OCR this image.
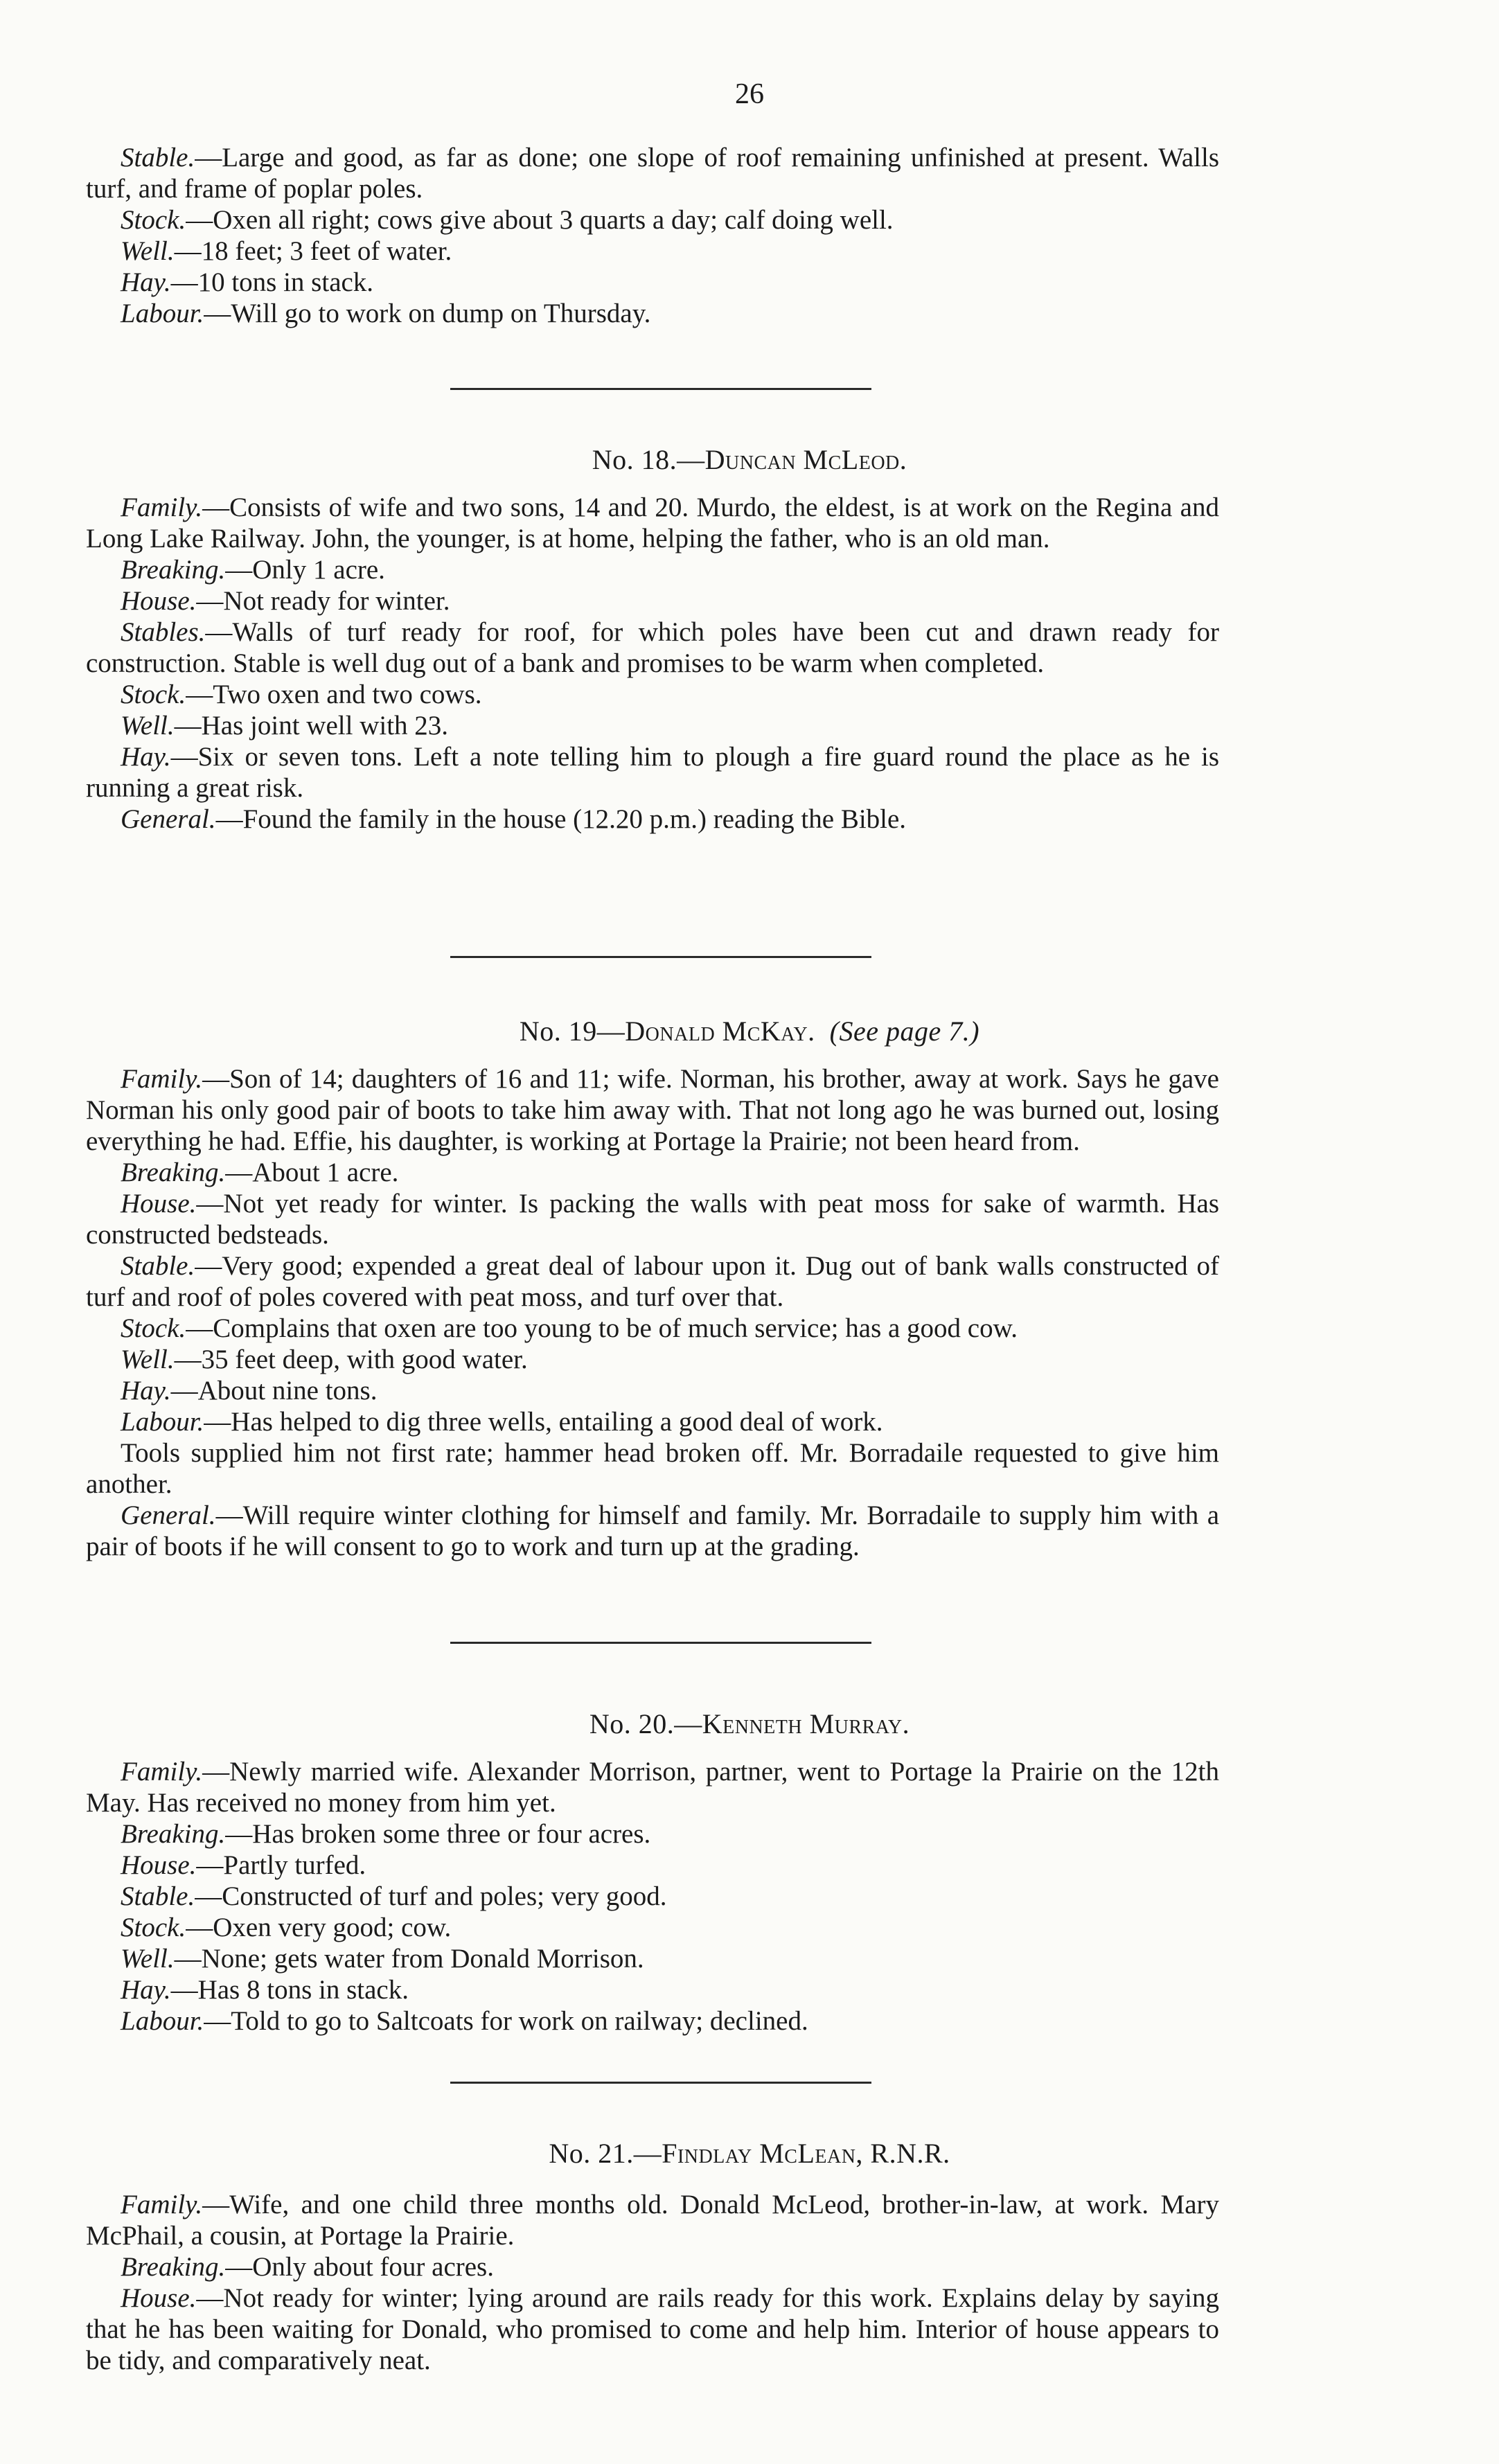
26

Stable.—Large and good, as far as done; one slope of roof remaining unfinished at present. Walls turf, and frame of poplar poles.

Stock.—Oxen all right; cows give about 3 quarts a day; calf doing well.

Well.—18 feet; 3 feet of water.

Hay.—10 tons in stack.

Labour.—Will go to work on dump on Thursday.

No. 18.—Duncan McLeod.

Family.—Consists of wife and two sons, 14 and 20. Murdo, the eldest, is at work on the Regina and Long Lake Railway. John, the younger, is at home, helping the father, who is an old man.

Breaking.—Only 1 acre.

House.—Not ready for winter.

Stables.—Walls of turf ready for roof, for which poles have been cut and drawn ready for construction. Stable is well dug out of a bank and promises to be warm when completed.

Stock.—Two oxen and two cows.

Well.—Has joint well with 23.

Hay.—Six or seven tons. Left a note telling him to plough a fire guard round the place as he is running a great risk.

General.—Found the family in the house (12.20 p.m.) reading the Bible.

No. 19—Donald McKay. (See page 7.)

Family.—Son of 14; daughters of 16 and 11; wife. Norman, his brother, away at work. Says he gave Norman his only good pair of boots to take him away with. That not long ago he was burned out, losing everything he had. Effie, his daughter, is working at Portage la Prairie; not been heard from.

Breaking.—About 1 acre.

House.—Not yet ready for winter. Is packing the walls with peat moss for sake of warmth. Has constructed bedsteads.

Stable.—Very good; expended a great deal of labour upon it. Dug out of bank walls constructed of turf and roof of poles covered with peat moss, and turf over that.

Stock.—Complains that oxen are too young to be of much service; has a good cow.

Well.—35 feet deep, with good water.

Hay.—About nine tons.

Labour.—Has helped to dig three wells, entailing a good deal of work.

Tools supplied him not first rate; hammer head broken off. Mr. Borradaile requested to give him another.

General.—Will require winter clothing for himself and family. Mr. Borradaile to supply him with a pair of boots if he will consent to go to work and turn up at the grading.

No. 20.—Kenneth Murray.

Family.—Newly married wife. Alexander Morrison, partner, went to Portage la Prairie on the 12th May. Has received no money from him yet.

Breaking.—Has broken some three or four acres.

House.—Partly turfed.

Stable.—Constructed of turf and poles; very good.

Stock.—Oxen very good; cow.

Well.—None; gets water from Donald Morrison.

Hay.—Has 8 tons in stack.

Labour.—Told to go to Saltcoats for work on railway; declined.

No. 21.—Findlay McLean, R.N.R.

Family.—Wife, and one child three months old. Donald McLeod, brother-in-law, at work. Mary McPhail, a cousin, at Portage la Prairie.

Breaking.—Only about four acres.

House.—Not ready for winter; lying around are rails ready for this work. Explains delay by saying that he has been waiting for Donald, who promised to come and help him. Interior of house appears to be tidy, and comparatively neat.
